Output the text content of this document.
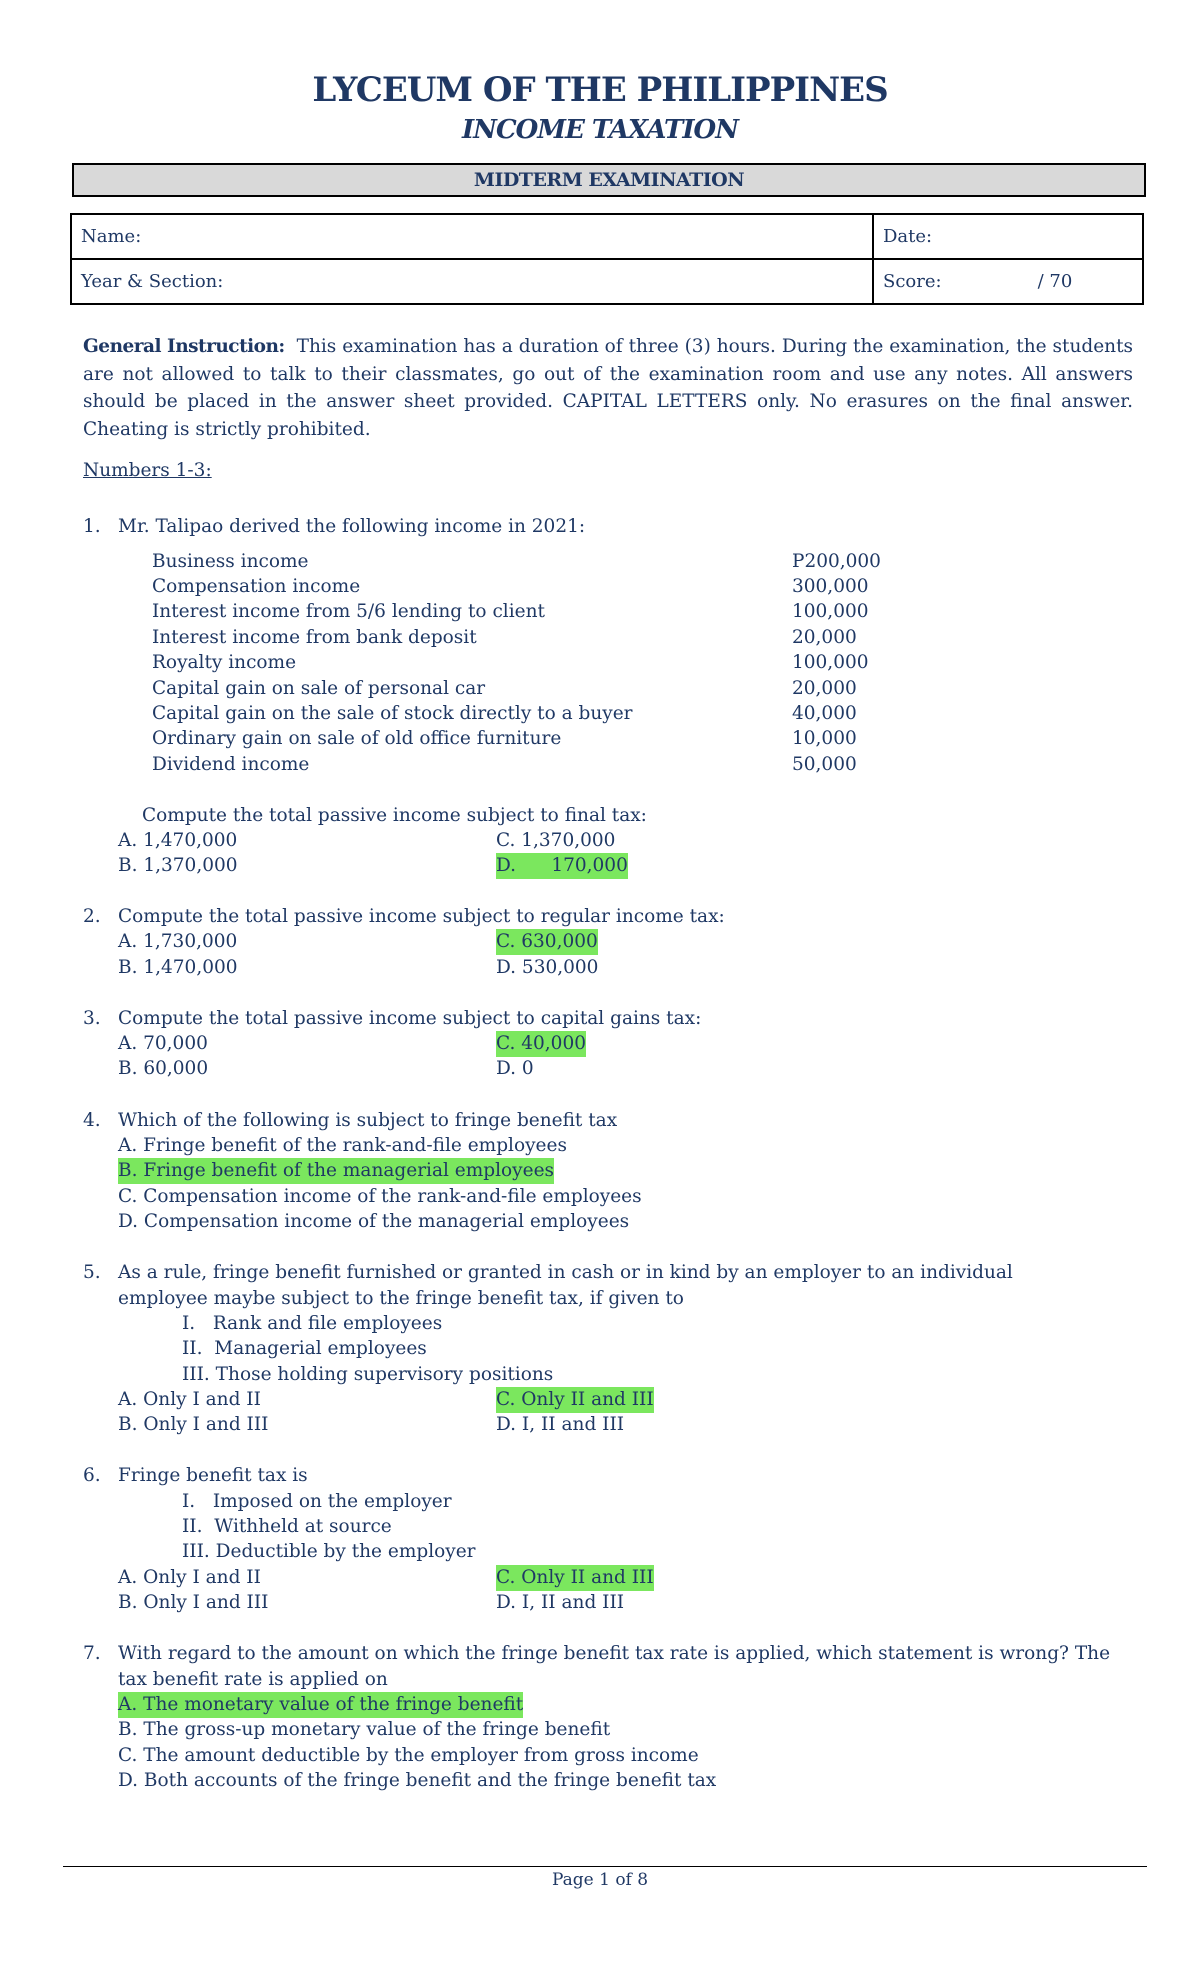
LYCEUM OF THE PHILIPPINES
INCOME TAXATION
MIDTERM EXAMINATION
Name:	Date:
Year & Section:	Score: / 70
General Instruction: This examination has a duration of three (3) hours. During the examination, the students are not allowed to talk to their classmates, go out of the examination room and use any notes. All answers should be placed in the answer sheet provided. CAPITAL LETTERS only. No erasures on the final answer. Cheating is strictly prohibited.
Numbers 1-3:
1. Mr. Talipao derived the following income in 2021:
Business income	P200,000
Compensation income	300,000
Interest income from 5/6 lending to client	100,000
Interest income from bank deposit	20,000
Royalty income	100,000
Capital gain on sale of personal car	20,000
Capital gain on the sale of stock directly to a buyer	40,000
Ordinary gain on sale of old office furniture	10,000
Dividend income	50,000
Compute the total passive income subject to final tax:
A. 1,470,000	C. 1,370,000
B. 1,370,000	D.      170,000
2. Compute the total passive income subject to regular income tax:
A. 1,730,000	C. 630,000
B. 1,470,000	D. 530,000
3. Compute the total passive income subject to capital gains tax:
A. 70,000	C. 40,000
B. 60,000	D. 0
4. Which of the following is subject to fringe benefit tax
A. Fringe benefit of the rank-and-file employees
B. Fringe benefit of the managerial employees
C. Compensation income of the rank-and-file employees
D. Compensation income of the managerial employees
5. As a rule, fringe benefit furnished or granted in cash or in kind by an employer to an individual employee maybe subject to the fringe benefit tax, if given to
I.   Rank and file employees
II.  Managerial employees
III. Those holding supervisory positions
A. Only I and II	C. Only II and III
B. Only I and III	D. I, II and III
6. Fringe benefit tax is
I.   Imposed on the employer
II.  Withheld at source
III. Deductible by the employer
A. Only I and II	C. Only II and III
B. Only I and III	D. I, II and III
7. With regard to the amount on which the fringe benefit tax rate is applied, which statement is wrong? The tax benefit rate is applied on
A. The monetary value of the fringe benefit
B. The gross-up monetary value of the fringe benefit
C. The amount deductible by the employer from gross income
D. Both accounts of the fringe benefit and the fringe benefit tax
Page 1 of 8
